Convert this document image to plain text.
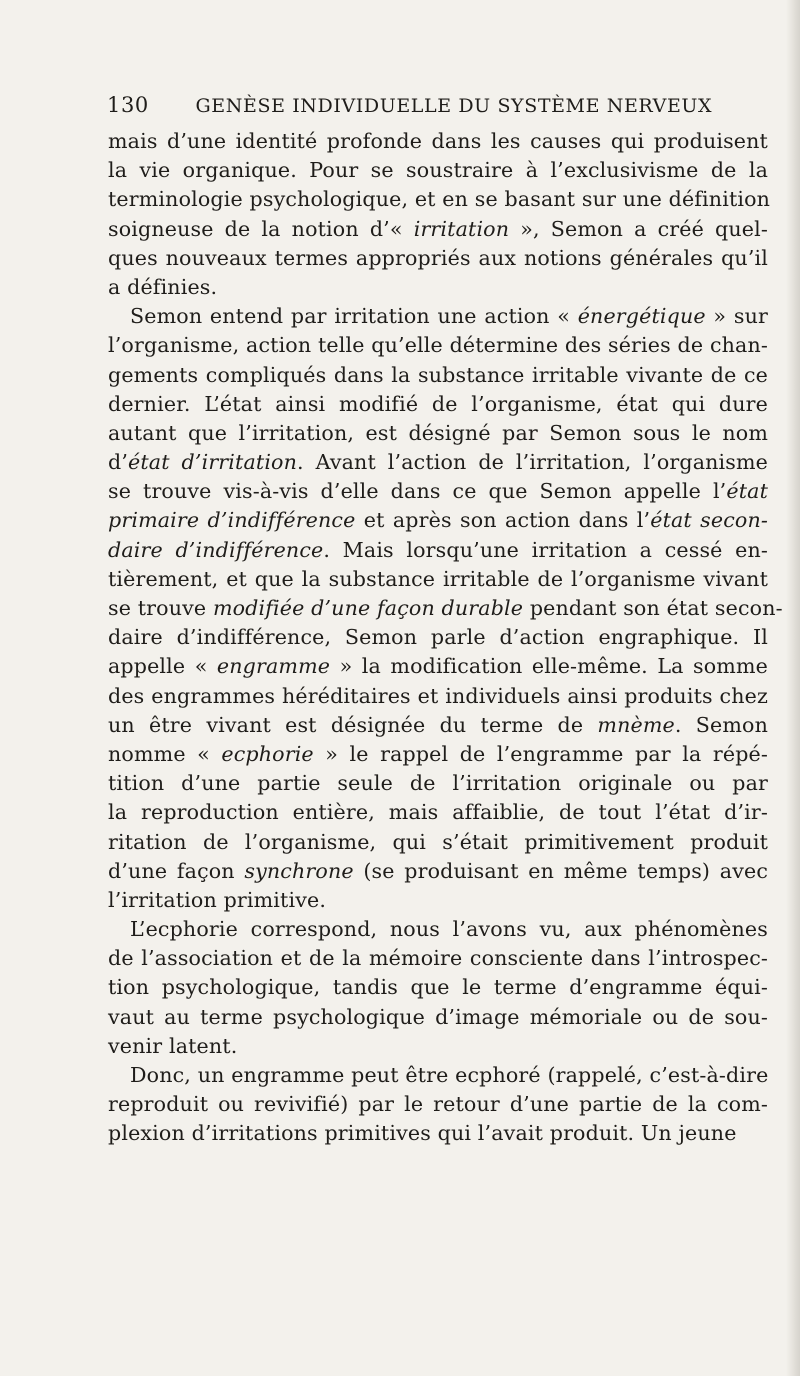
130 GENÈSE INDIVIDUELLE DU SYSTÈME NERVEUX
mais d’une identité profonde dans les causes qui produisent
la vie organique. Pour se soustraire à l’exclusivisme de la
terminologie psychologique, et en se basant sur une définition
soigneuse de la notion d’« irritation », Semon a créé quel-
ques nouveaux termes appropriés aux notions générales qu’il
a définies.
Semon entend par irritation une action « énergétique » sur
l’organisme, action telle qu’elle détermine des séries de chan-
gements compliqués dans la substance irritable vivante de ce
dernier. L’état ainsi modifié de l’organisme, état qui dure
autant que l’irritation, est désigné par Semon sous le nom
d’état d’irritation. Avant l’action de l’irritation, l’organisme
se trouve vis-à-vis d’elle dans ce que Semon appelle l’état
primaire d’indifférence et après son action dans l’état secon-
daire d’indifférence. Mais lorsqu’une irritation a cessé en-
tièrement, et que la substance irritable de l’organisme vivant
se trouve modifiée d’une façon durable pendant son état secon-
daire d’indifférence, Semon parle d’action engraphique. Il
appelle « engramme » la modification elle-même. La somme
des engrammes héréditaires et individuels ainsi produits chez
un être vivant est désignée du terme de mnème. Semon
nomme « ecphorie » le rappel de l’engramme par la répé-
tition d’une partie seule de l’irritation originale ou par
la reproduction entière, mais affaiblie, de tout l’état d’ir-
ritation de l’organisme, qui s’était primitivement produit
d’une façon synchrone (se produisant en même temps) avec
l’irritation primitive.
L’ecphorie correspond, nous l’avons vu, aux phénomènes
de l’association et de la mémoire consciente dans l’introspec-
tion psychologique, tandis que le terme d’engramme équi-
vaut au terme psychologique d’image mémoriale ou de sou-
venir latent.
Donc, un engramme peut être ecphoré (rappelé, c’est-à-dire
reproduit ou revivifié) par le retour d’une partie de la com-
plexion d’irritations primitives qui l’avait produit. Un jeune
